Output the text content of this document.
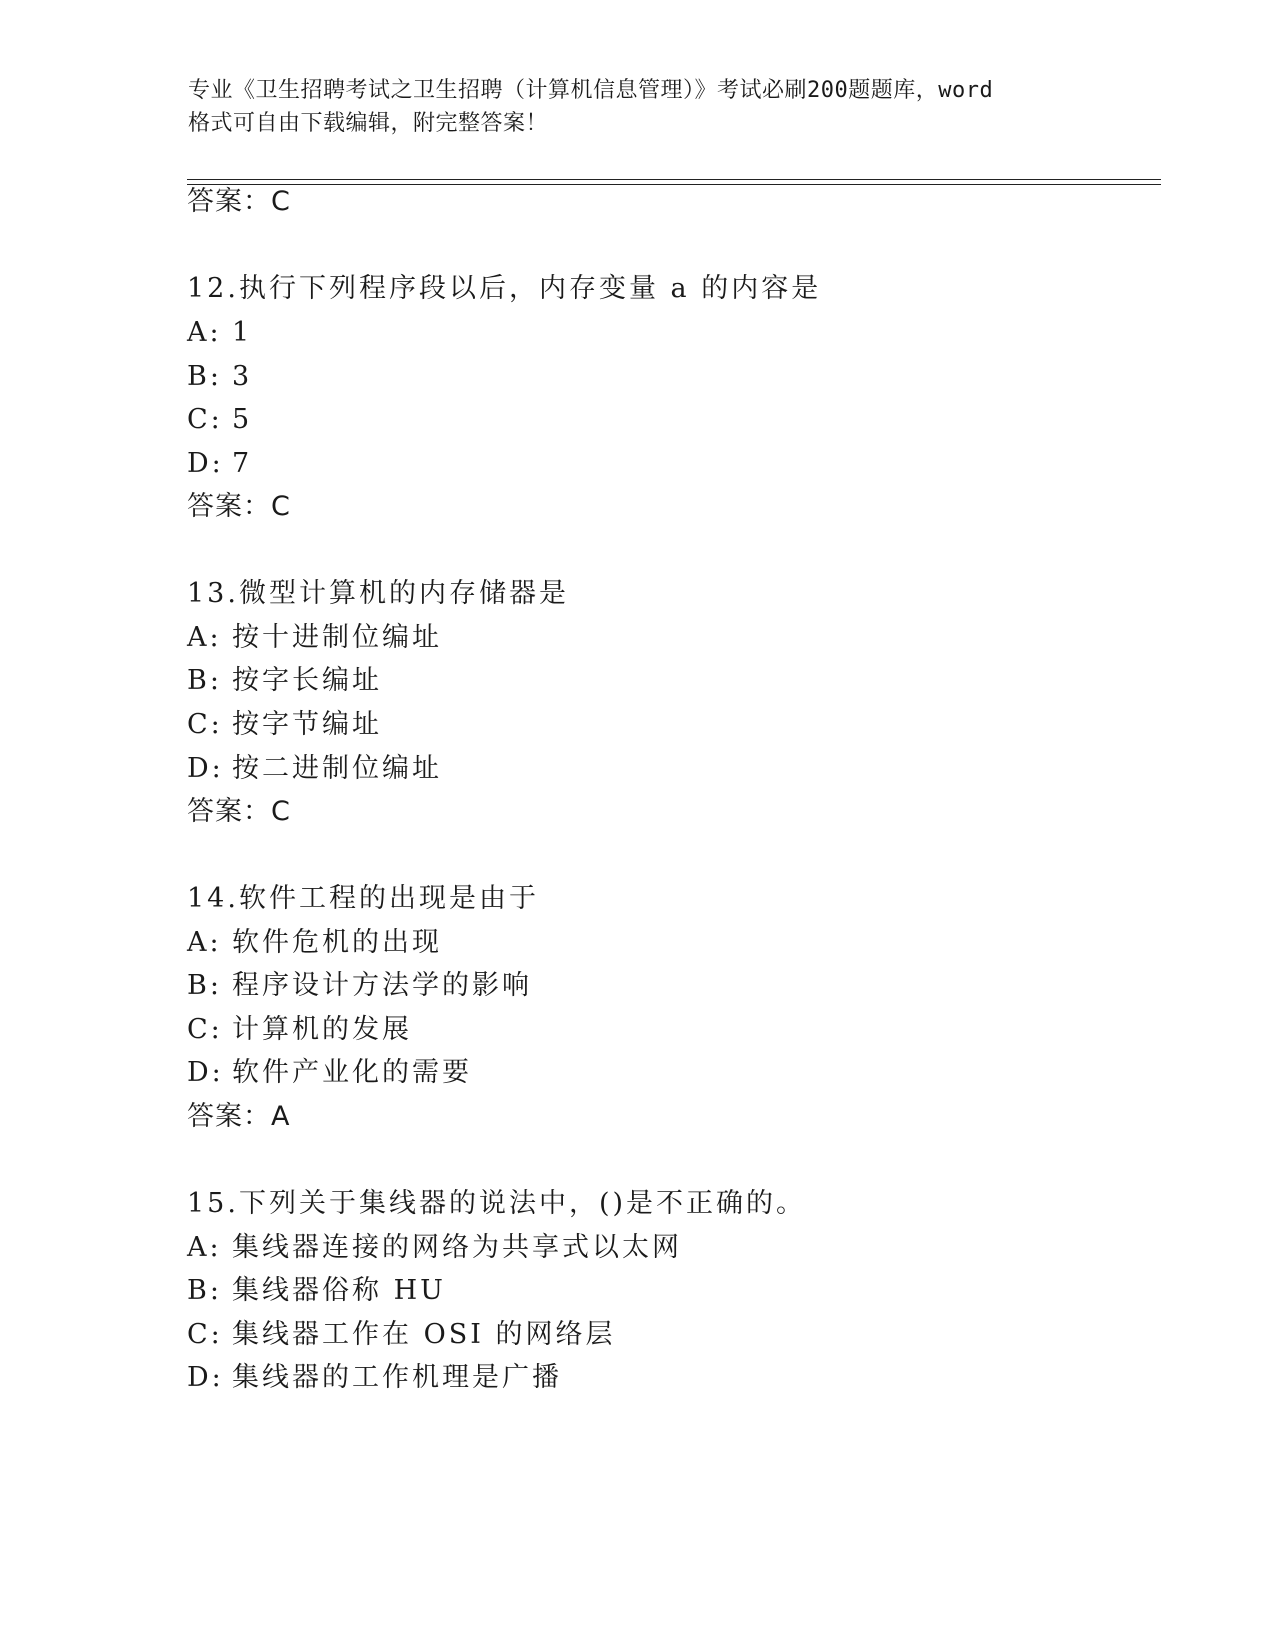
专业《卫生招聘考试之卫生招聘（计算机信息管理）》考试必刷200题题库，word
格式可自由下载编辑，附完整答案！
答案：C
12.执行下列程序段以后，内存变量 a 的内容是
A: 1
B: 3
C: 5
D: 7
答案：C
13.微型计算机的内存储器是
A: 按十进制位编址
B: 按字长编址
C: 按字节编址
D: 按二进制位编址
答案：C
14.软件工程的出现是由于
A: 软件危机的出现
B: 程序设计方法学的影响
C: 计算机的发展
D: 软件产业化的需要
答案：A
15.下列关于集线器的说法中，()是不正确的。
A: 集线器连接的网络为共享式以太网
B: 集线器俗称 HU
C: 集线器工作在 OSI 的网络层
D: 集线器的工作机理是广播
